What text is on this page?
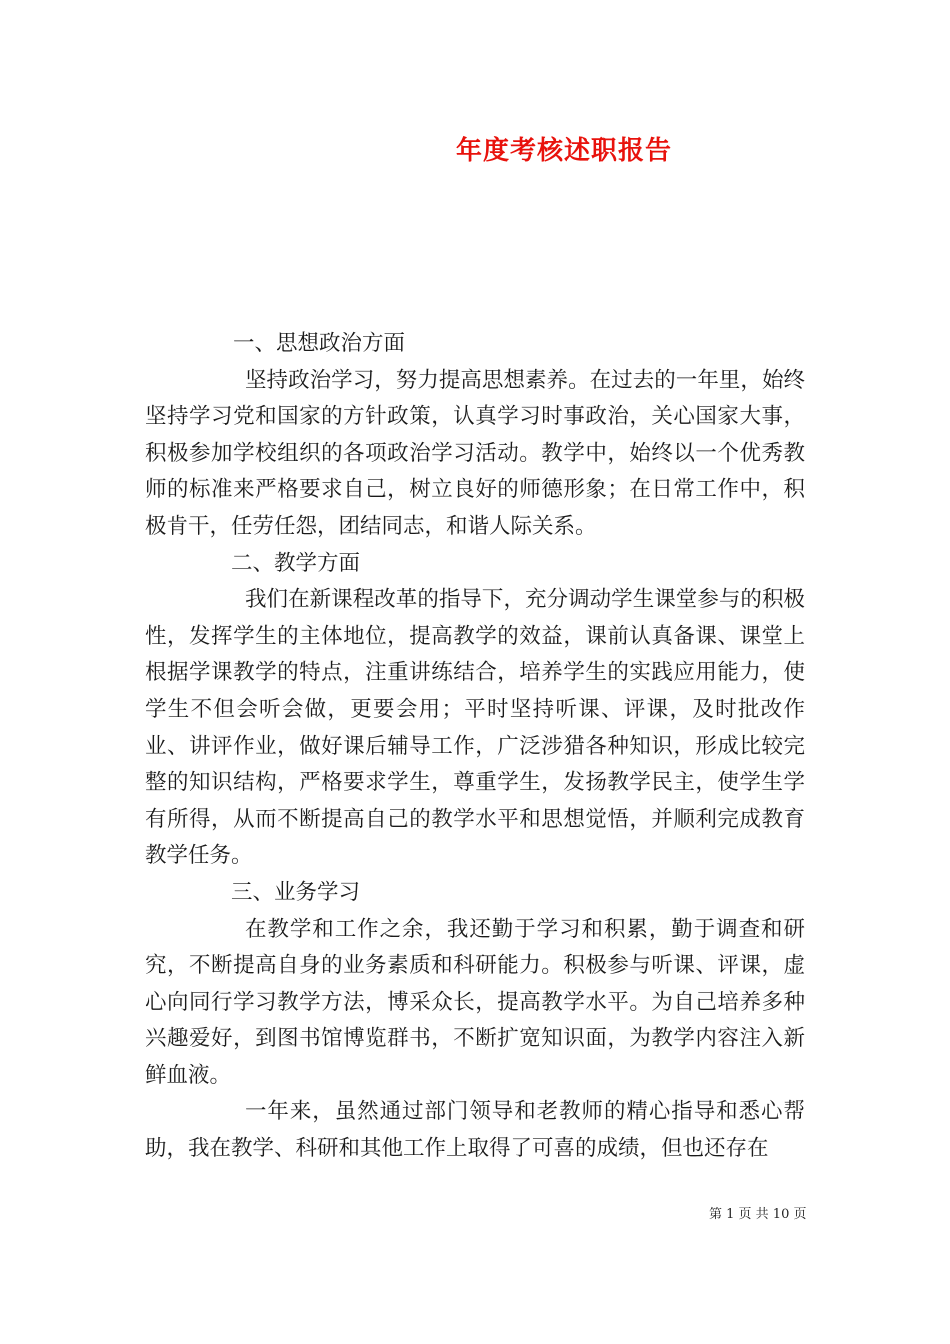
年度考核述职报告

一、思想政治方面

坚持政治学习，努力提高思想素养。在过去的一年里，始终坚持学习党和国家的方针政策，认真学习时事政治，关心国家大事，积极参加学校组织的各项政治学习活动。教学中，始终以一个优秀教师的标准来严格要求自己，树立良好的师德形象；在日常工作中，积极肯干，任劳任怨，团结同志，和谐人际关系。

二、教学方面

我们在新课程改革的指导下，充分调动学生课堂参与的积极性，发挥学生的主体地位，提高教学的效益，课前认真备课、课堂上根据学课教学的特点，注重讲练结合，培养学生的实践应用能力，使学生不但会听会做，更要会用；平时坚持听课、评课，及时批改作业、讲评作业，做好课后辅导工作，广泛涉猎各种知识，形成比较完整的知识结构，严格要求学生，尊重学生，发扬教学民主，使学生学有所得，从而不断提高自己的教学水平和思想觉悟，并顺利完成教育教学任务。

三、业务学习

在教学和工作之余，我还勤于学习和积累，勤于调查和研究，不断提高自身的业务素质和科研能力。积极参与听课、评课，虚心向同行学习教学方法，博采众长，提高教学水平。为自己培养多种兴趣爱好，到图书馆博览群书，不断扩宽知识面，为教学内容注入新鲜血液。

一年来，虽然通过部门领导和老教师的精心指导和悉心帮助，我在教学、科研和其他工作上取得了可喜的成绩，但也还存在

第 1 页 共 10 页
